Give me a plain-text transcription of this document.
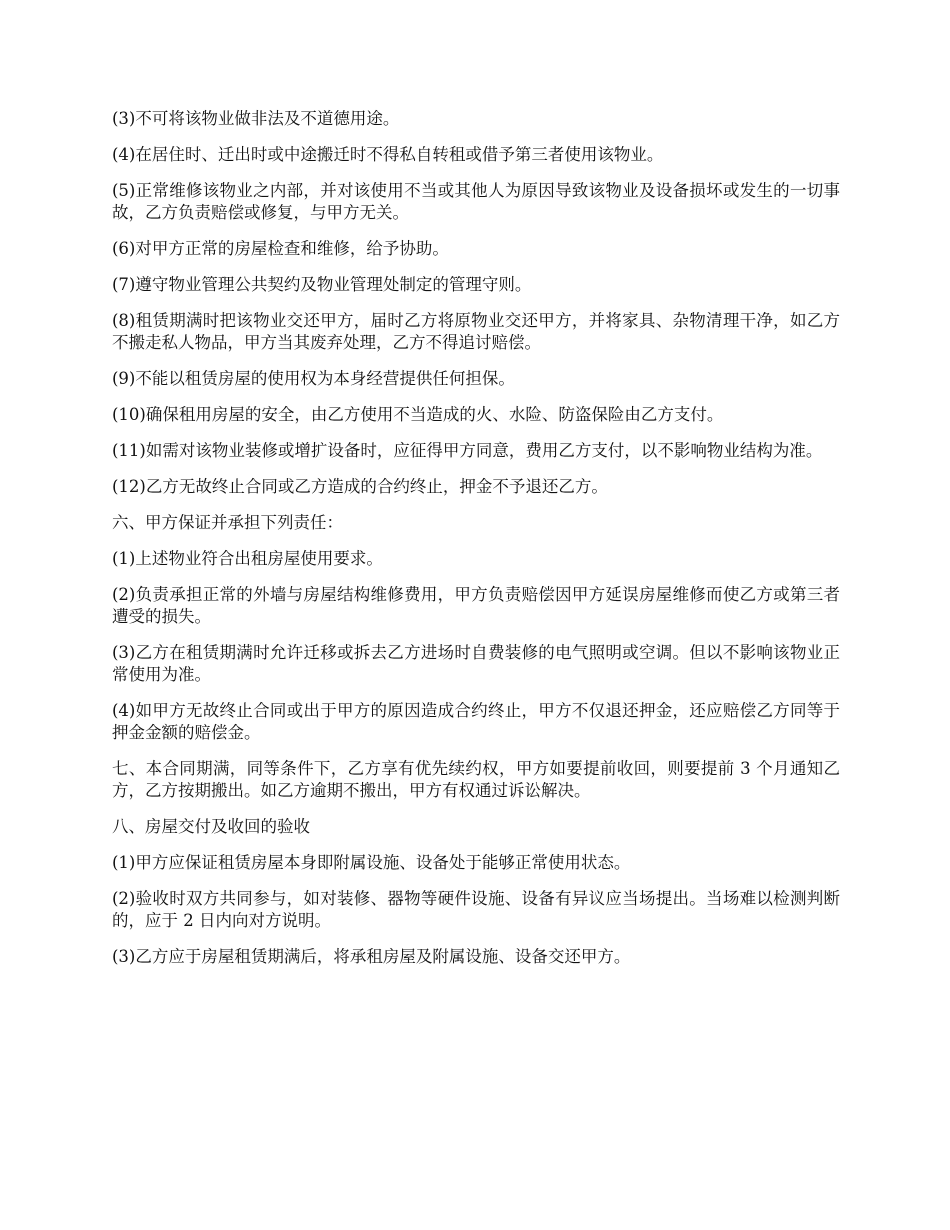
(3)不可将该物业做非法及不道德用途。

(4)在居住时、迁出时或中途搬迁时不得私自转租或借予第三者使用该物业。

(5)正常维修该物业之内部，并对该使用不当或其他人为原因导致该物业及设备损坏或发生的一切事故，乙方负责赔偿或修复，与甲方无关。

(6)对甲方正常的房屋检查和维修，给予协助。

(7)遵守物业管理公共契约及物业管理处制定的管理守则。

(8)租赁期满时把该物业交还甲方，届时乙方将原物业交还甲方，并将家具、杂物清理干净，如乙方不搬走私人物品，甲方当其废弃处理，乙方不得追讨赔偿。

(9)不能以租赁房屋的使用权为本身经营提供任何担保。

(10)确保租用房屋的安全，由乙方使用不当造成的火、水险、防盗保险由乙方支付。

(11)如需对该物业装修或增扩设备时，应征得甲方同意，费用乙方支付，以不影响物业结构为准。

(12)乙方无故终止合同或乙方造成的合约终止，押金不予退还乙方。

六、甲方保证并承担下列责任：

(1)上述物业符合出租房屋使用要求。

(2)负责承担正常的外墙与房屋结构维修费用，甲方负责赔偿因甲方延误房屋维修而使乙方或第三者遭受的损失。

(3)乙方在租赁期满时允许迁移或拆去乙方进场时自费装修的电气照明或空调。但以不影响该物业正常使用为准。

(4)如甲方无故终止合同或出于甲方的原因造成合约终止，甲方不仅退还押金，还应赔偿乙方同等于押金金额的赔偿金。

七、本合同期满，同等条件下，乙方享有优先续约权，甲方如要提前收回，则要提前 3 个月通知乙方，乙方按期搬出。如乙方逾期不搬出，甲方有权通过诉讼解决。

八、房屋交付及收回的验收

(1)甲方应保证租赁房屋本身即附属设施、设备处于能够正常使用状态。

(2)验收时双方共同参与，如对装修、器物等硬件设施、设备有异议应当场提出。当场难以检测判断的，应于 2 日内向对方说明。

(3)乙方应于房屋租赁期满后，将承租房屋及附属设施、设备交还甲方。
